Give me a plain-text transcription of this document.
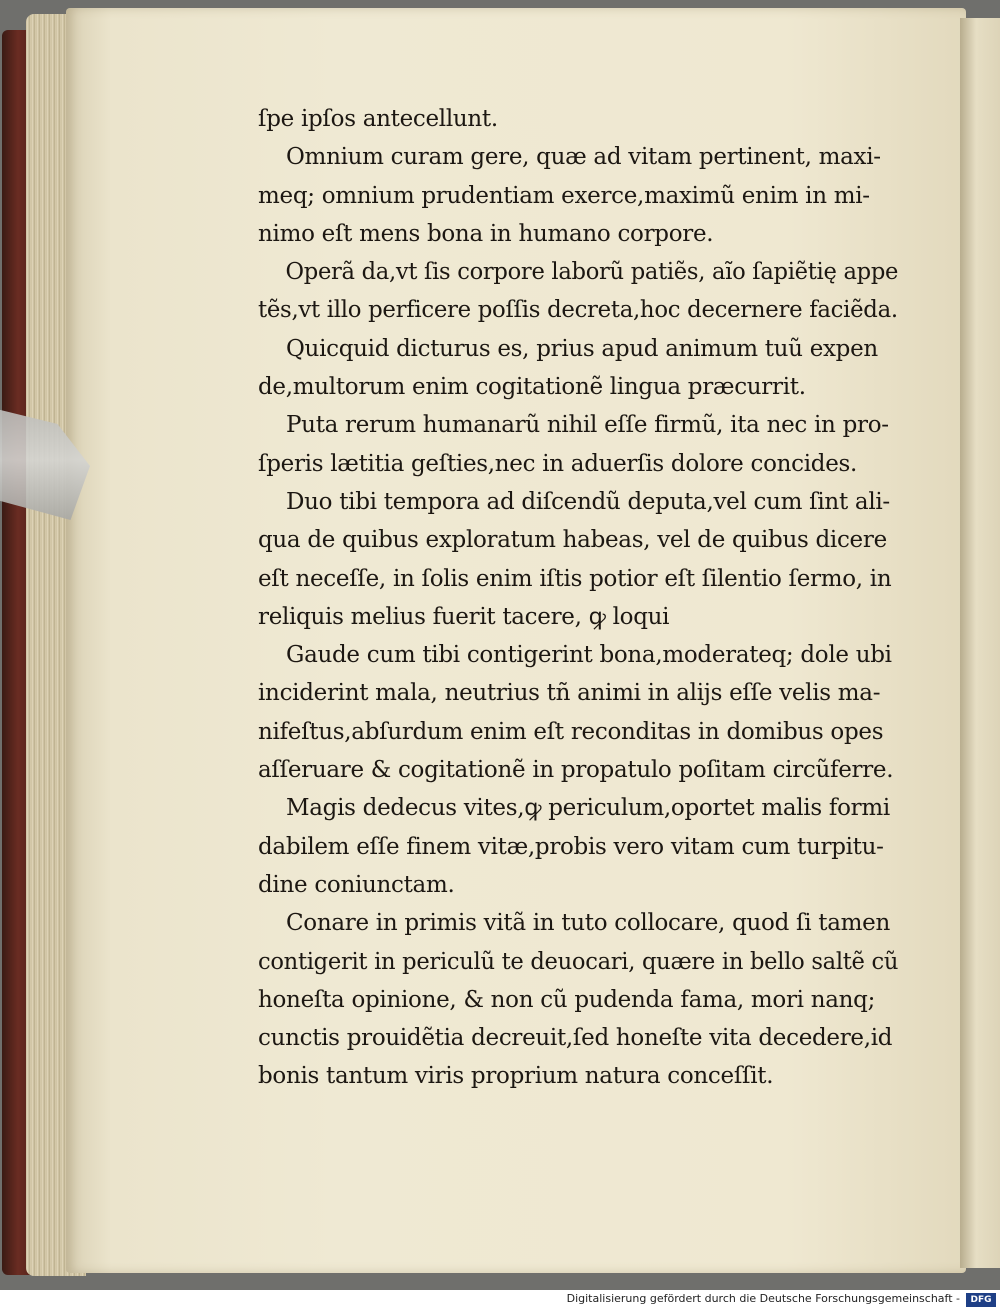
ſpe ipſos antecellunt.
Omnium curam gere, quæ ad vitam pertinent, maxi-
meq; omnium prudentiam exerce,maximũ enim in mi-
nimo eſt mens bona in humano corpore.
Operã da,vt ſis corpore laborũ patiẽs, aĩo ſapiẽtię appe
tẽs,vt illo perficere poſſis decreta,hoc decernere faciẽda.
Quicquid dicturus es, prius apud animum tuũ expen
de,multorum enim cogitationẽ lingua præcurrit.
Puta rerum humanarũ nihil eſſe firmũ, ita nec in pro-
ſperis lætitia geſties,nec in aduerſis dolore concides.
Duo tibi tempora ad diſcendũ deputa,vel cum ſint ali-
qua de quibus exploratum habeas, vel de quibus dicere
eſt neceſſe, in ſolis enim iſtis potior eſt ſilentio ſermo, in
reliquis melius fuerit tacere, ꝙ loqui
Gaude cum tibi contigerint bona,moderateq; dole ubi
inciderint mala, neutrius tñ animi in alijs eſſe velis ma-
nifeſtus,abſurdum enim eſt reconditas in domibus opes
aſſeruare & cogitationẽ in propatulo poſitam circũferre.
Magis dedecus vites,ꝙ periculum,oportet malis formi
dabilem eſſe finem vitæ,probis vero vitam cum turpitu-
dine coniunctam.
Conare in primis vitã in tuto collocare, quod ſi tamen
contigerit in periculũ te deuocari, quære in bello saltẽ cũ
honeſta opinione, & non cũ pudenda fama, mori nanq;
cunctis prouidẽtia decreuit,ſed honeſte vita decedere,id
bonis tantum viris proprium natura conceſſit.
Digitalisierung gefördert durch die Deutsche Forschungsgemeinschaft -	DFG
